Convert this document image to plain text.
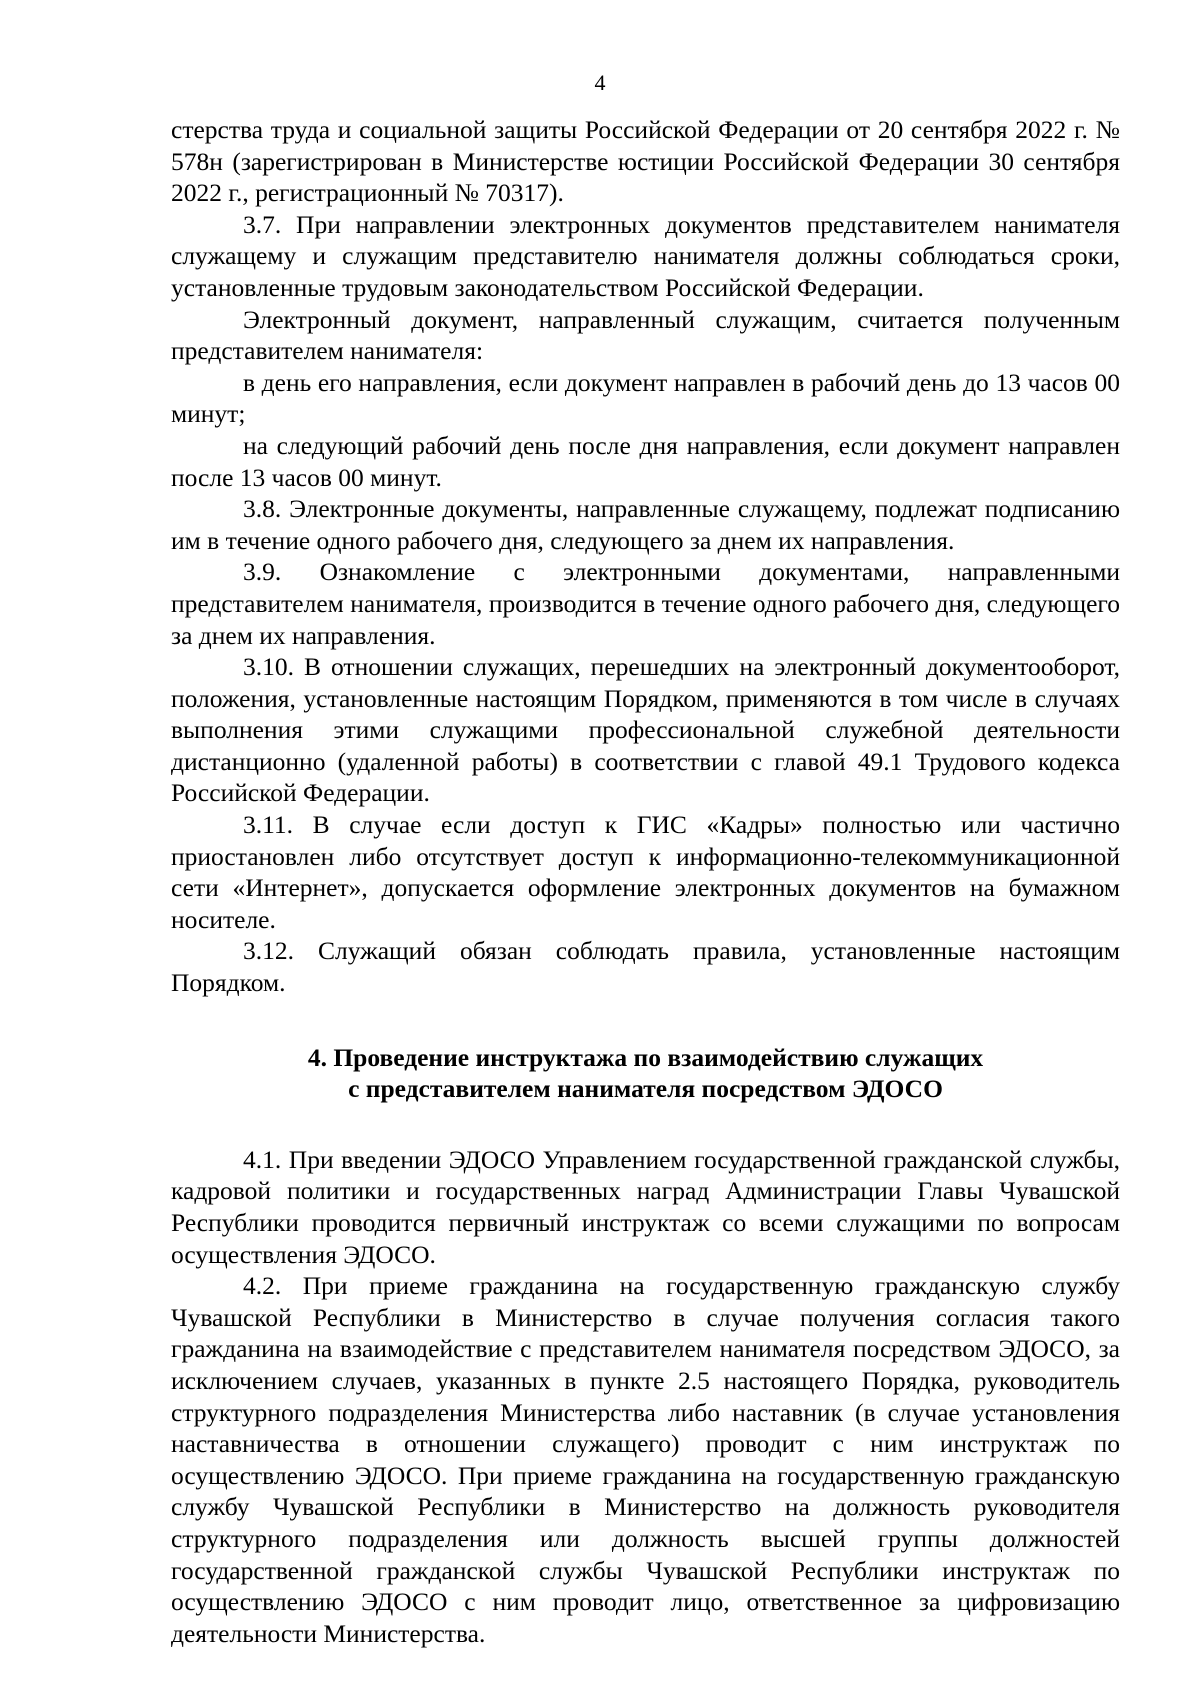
4

стерства труда и социальной защиты Российской Федерации от 20 сентября 2022 г. № 578н (зарегистрирован в Министерстве юстиции Российской Федерации 30 сентября 2022 г., регистрационный № 70317).

3.7. При направлении электронных документов представителем нанимателя служащему и служащим представителю нанимателя должны соблюдаться сроки, установленные трудовым законодательством Российской Федерации.

Электронный документ, направленный служащим, считается полученным представителем нанимателя:

в день его направления, если документ направлен в рабочий день до 13 часов 00 минут;

на следующий рабочий день после дня направления, если документ направлен после 13 часов 00 минут.

3.8. Электронные документы, направленные служащему, подлежат подписанию им в течение одного рабочего дня, следующего за днем их направления.

3.9. Ознакомление с электронными документами, направленными представителем нанимателя, производится в течение одного рабочего дня, следующего за днем их направления.

3.10. В отношении служащих, перешедших на электронный документооборот, положения, установленные настоящим Порядком, применяются в том числе в случаях выполнения этими служащими профессиональной служебной деятельности дистанционно (удаленной работы) в соответствии с главой 49.1 Трудового кодекса Российской Федерации.

3.11. В случае если доступ к ГИС «Кадры» полностью или частично приостановлен либо отсутствует доступ к информационно-телекоммуникационной сети «Интернет», допускается оформление электронных документов на бумажном носителе.

3.12. Служащий обязан соблюдать правила, установленные настоящим Порядком.

4. Проведение инструктажа по взаимодействию служащих
с представителем нанимателя посредством ЭДОСО

4.1. При введении ЭДОСО Управлением государственной гражданской службы, кадровой политики и государственных наград Администрации Главы Чувашской Республики проводится первичный инструктаж со всеми служащими по вопросам осуществления ЭДОСО.

4.2. При приеме гражданина на государственную гражданскую службу Чувашской Республики в Министерство в случае получения согласия такого гражданина на взаимодействие с представителем нанимателя посредством ЭДОСО, за исключением случаев, указанных в пункте 2.5 настоящего Порядка, руководитель структурного подразделения Министерства либо наставник (в случае установления наставничества в отношении служащего) проводит с ним инструктаж по осуществлению ЭДОСО. При приеме гражданина на государственную гражданскую службу Чувашской Республики в Министерство на должность руководителя структурного подразделения или должность высшей группы должностей государственной гражданской службы Чувашской Республики инструктаж по осуществлению ЭДОСО с ним проводит лицо, ответственное за цифровизацию деятельности Министерства.
